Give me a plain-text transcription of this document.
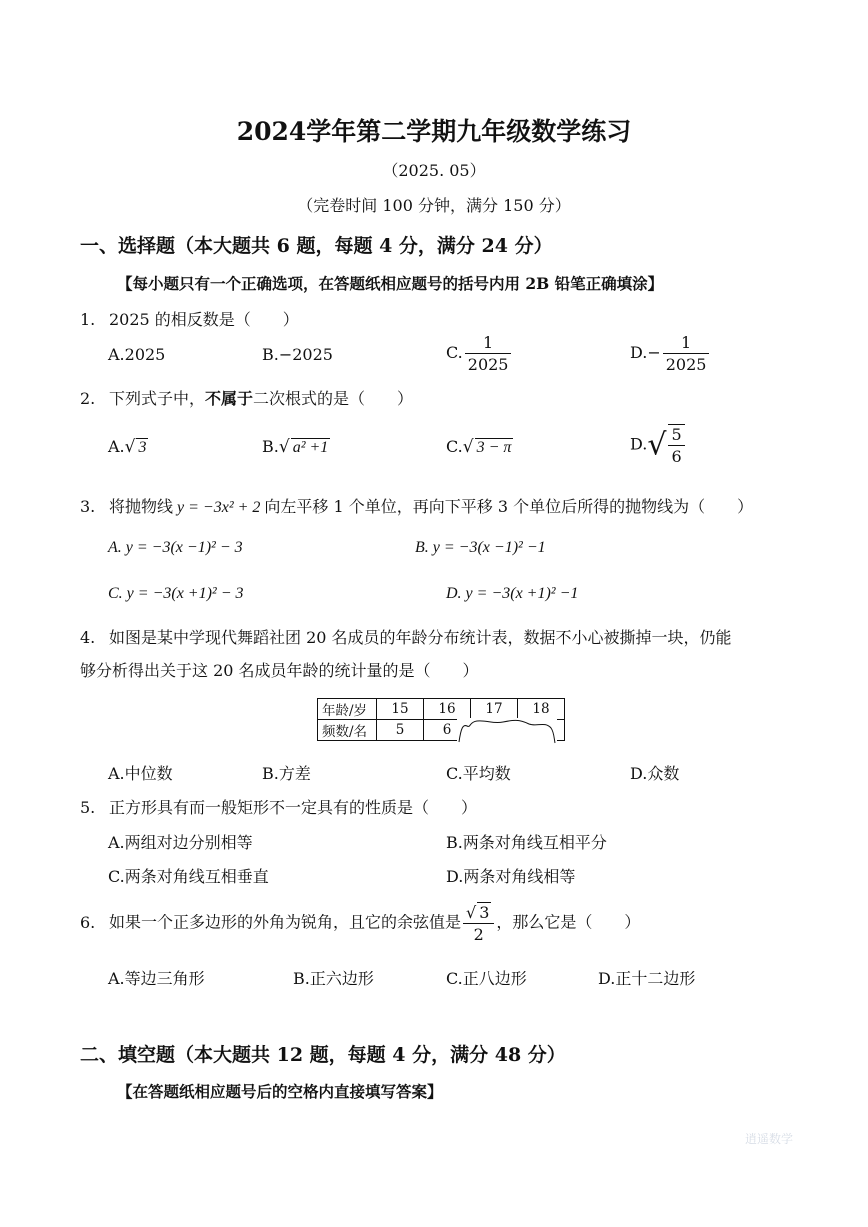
2024学年第二学期九年级数学练习
（2025. 05）
（完卷时间 100 分钟，满分 150 分）
一、选择题（本大题共 6 题，每题 4 分，满分 24 分）
【每小题只有一个正确选项，在答题纸相应题号的括号内用 2B 铅笔正确填涂】
1. 2025 的相反数是（　　）
A.2025	B.−2025	C. $\frac{1}{2025}$	$D.- \frac{1}{2025}$
2. 下列式子中，不属于二次根式的是（　　）
A.√ 3	B.√ a² +1	C.√ 3 − π	$D.√ \frac{5}{6}$
3. 将抛物线 y = −3x² + 2 向左平移 1 个单位，再向下平移 3 个单位后所得的抛物线为（　　）
A. y = −3(x −1)² − 3	B. y = −3(x −1)² −1
C. y = −3(x +1)² − 3	D. y = −3(x +1)² −1
4. 如图是某中学现代舞蹈社团 20 名成员的年龄分布统计表，数据不小心被撕掉一块，仍能
够分析得出关于这 20 名成员年龄的统计量的是（　　）
年龄/岁	15	16	17	18
频数/名	5	6		
A.中位数	B.方差	C.平均数	D.众数
5. 正方形具有而一般矩形不一定具有的性质是（　　）
A.两组对边分别相等	B.两条对角线互相平分
C.两条对角线互相垂直	D.两条对角线相等
6. 如果一个正多边形的外角为锐角，且它的余弦值是 $\frac{√ 3}{2}$ ，那么它是（　　）
A.等边三角形	B.正六边形	C.正八边形	D.正十二边形
二、填空题（本大题共 12 题，每题 4 分，满分 48 分）
【在答题纸相应题号后的空格内直接填写答案】
逍遥数学
